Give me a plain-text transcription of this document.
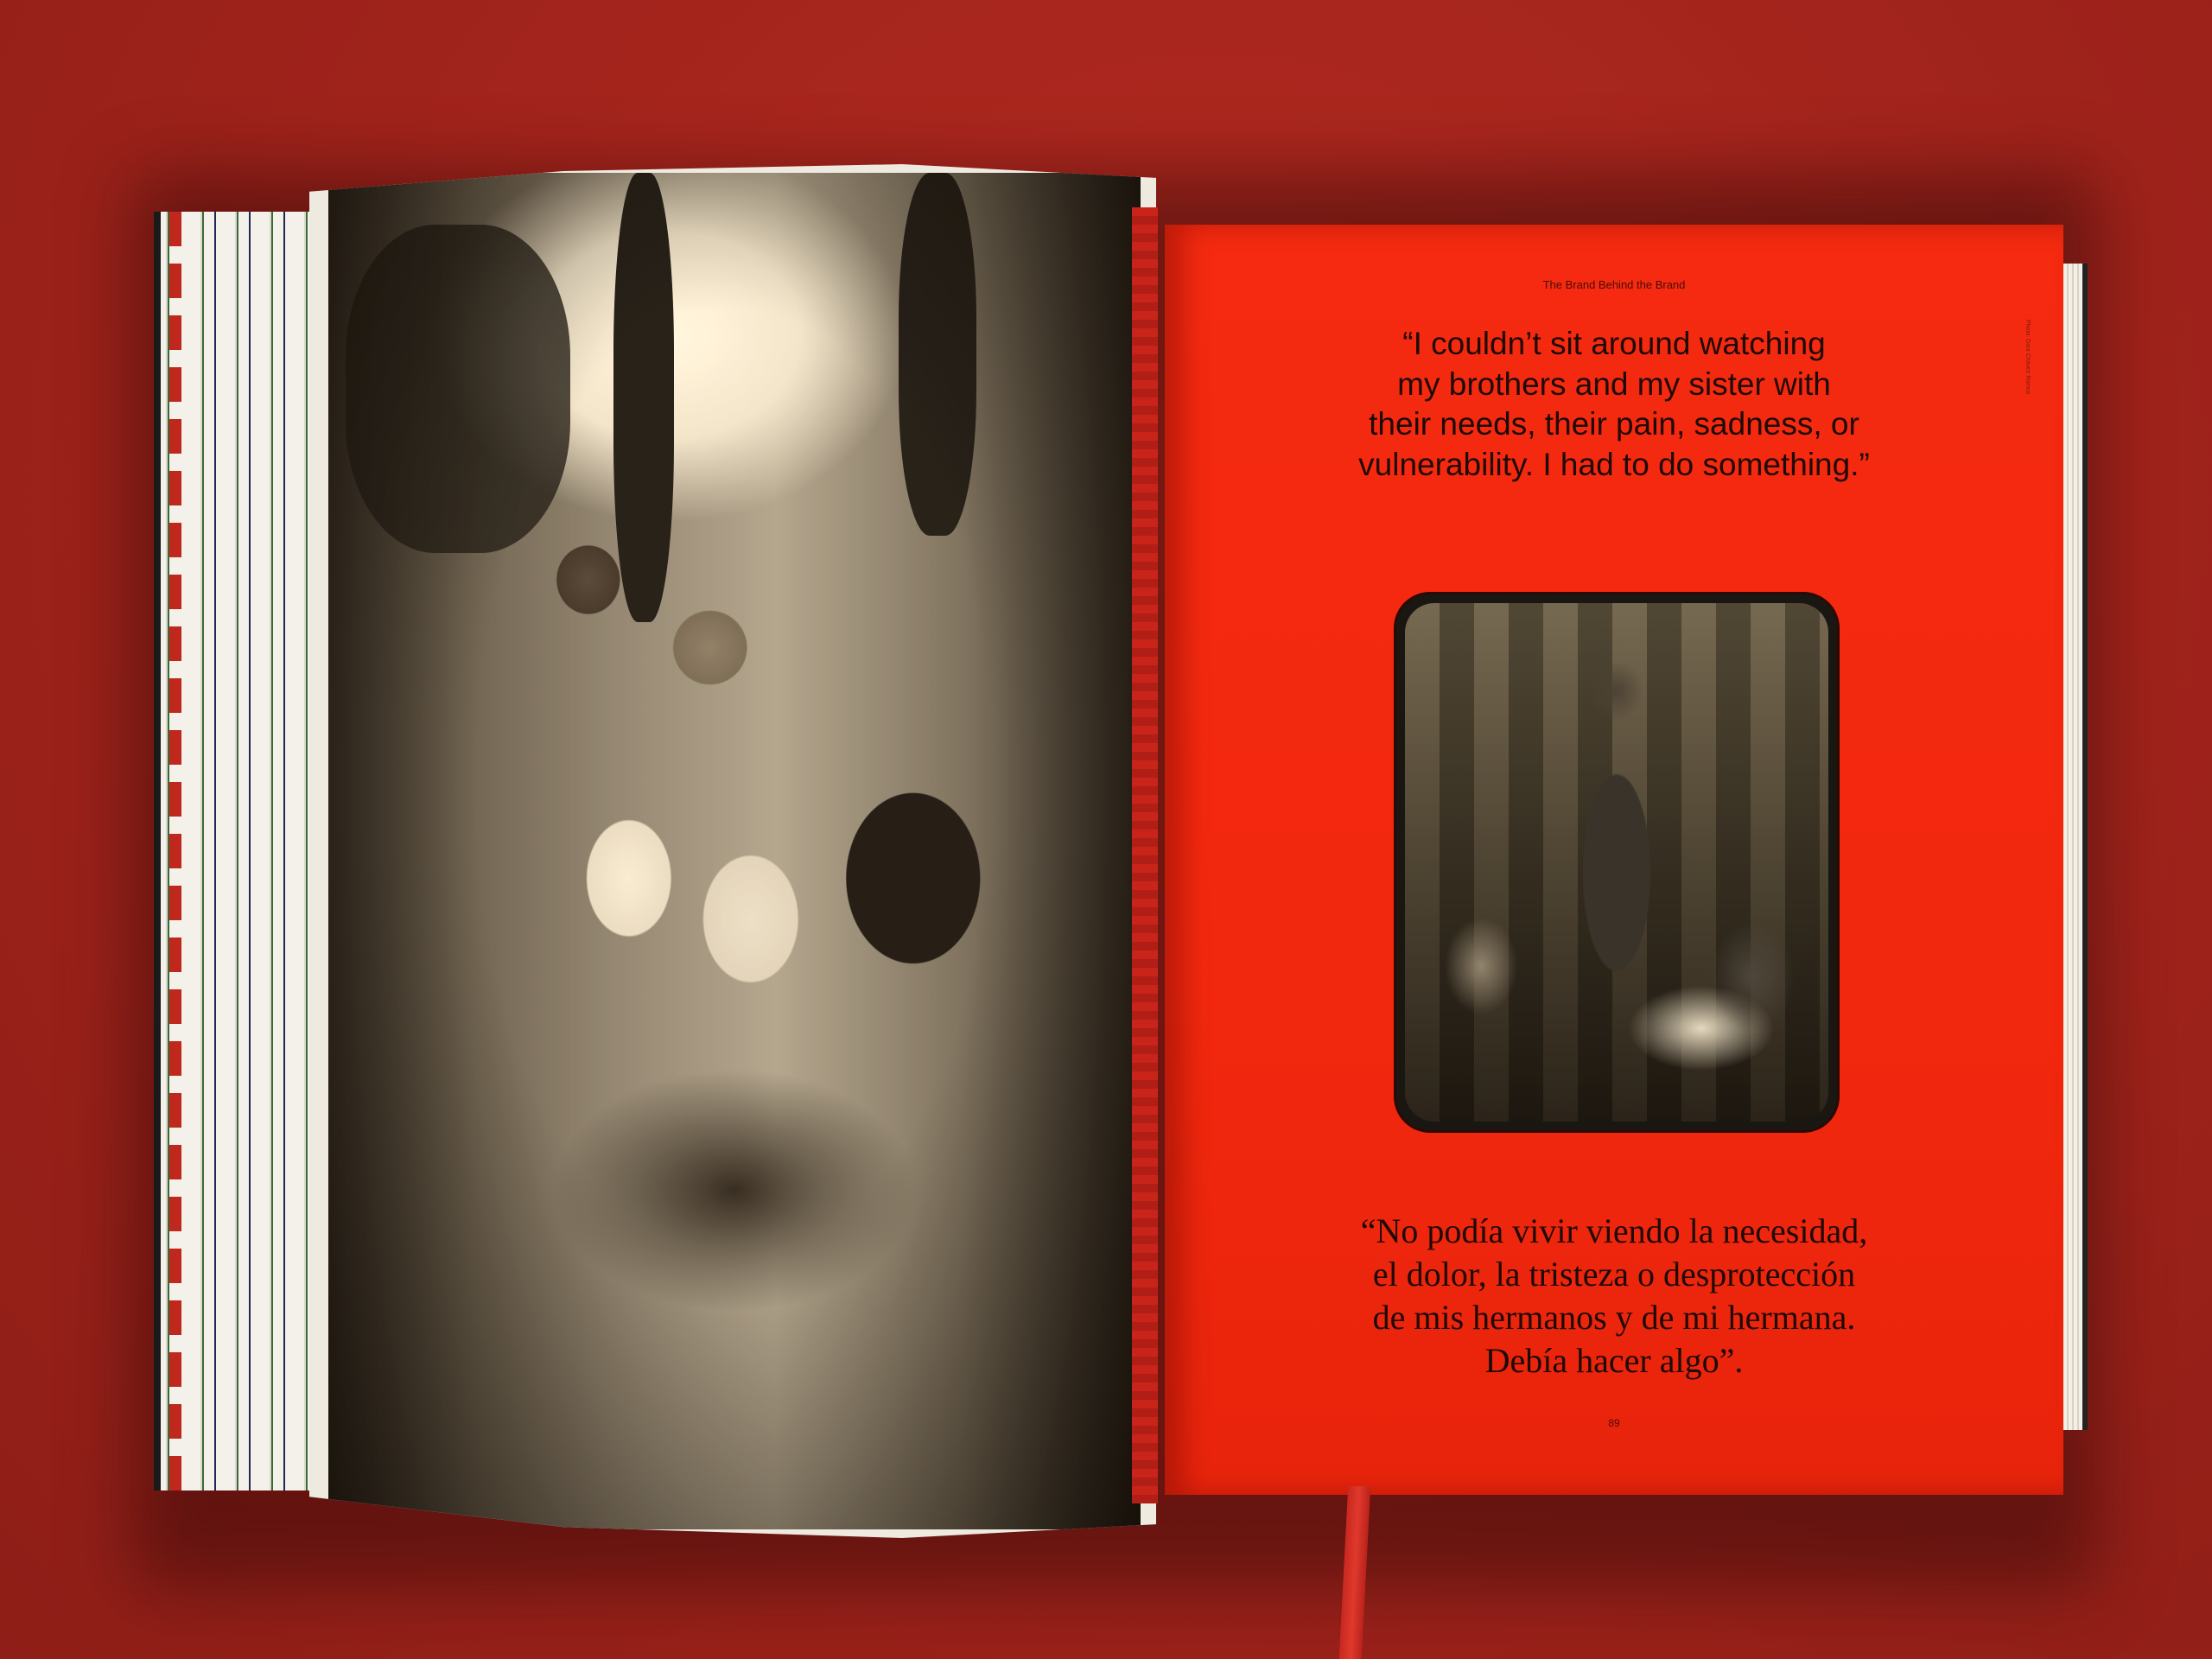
The Brand Behind the Brand
Photo: Dani Chávez Ramos
“I couldn’t sit around watching
my brothers and my sister with
their needs, their pain, sadness, or
vulnerability. I had to do something.”
“No podía vivir viendo la necesidad,
el dolor, la tristeza o desprotección
de mis hermanos y de mi hermana.
Debía hacer algo”.
89
